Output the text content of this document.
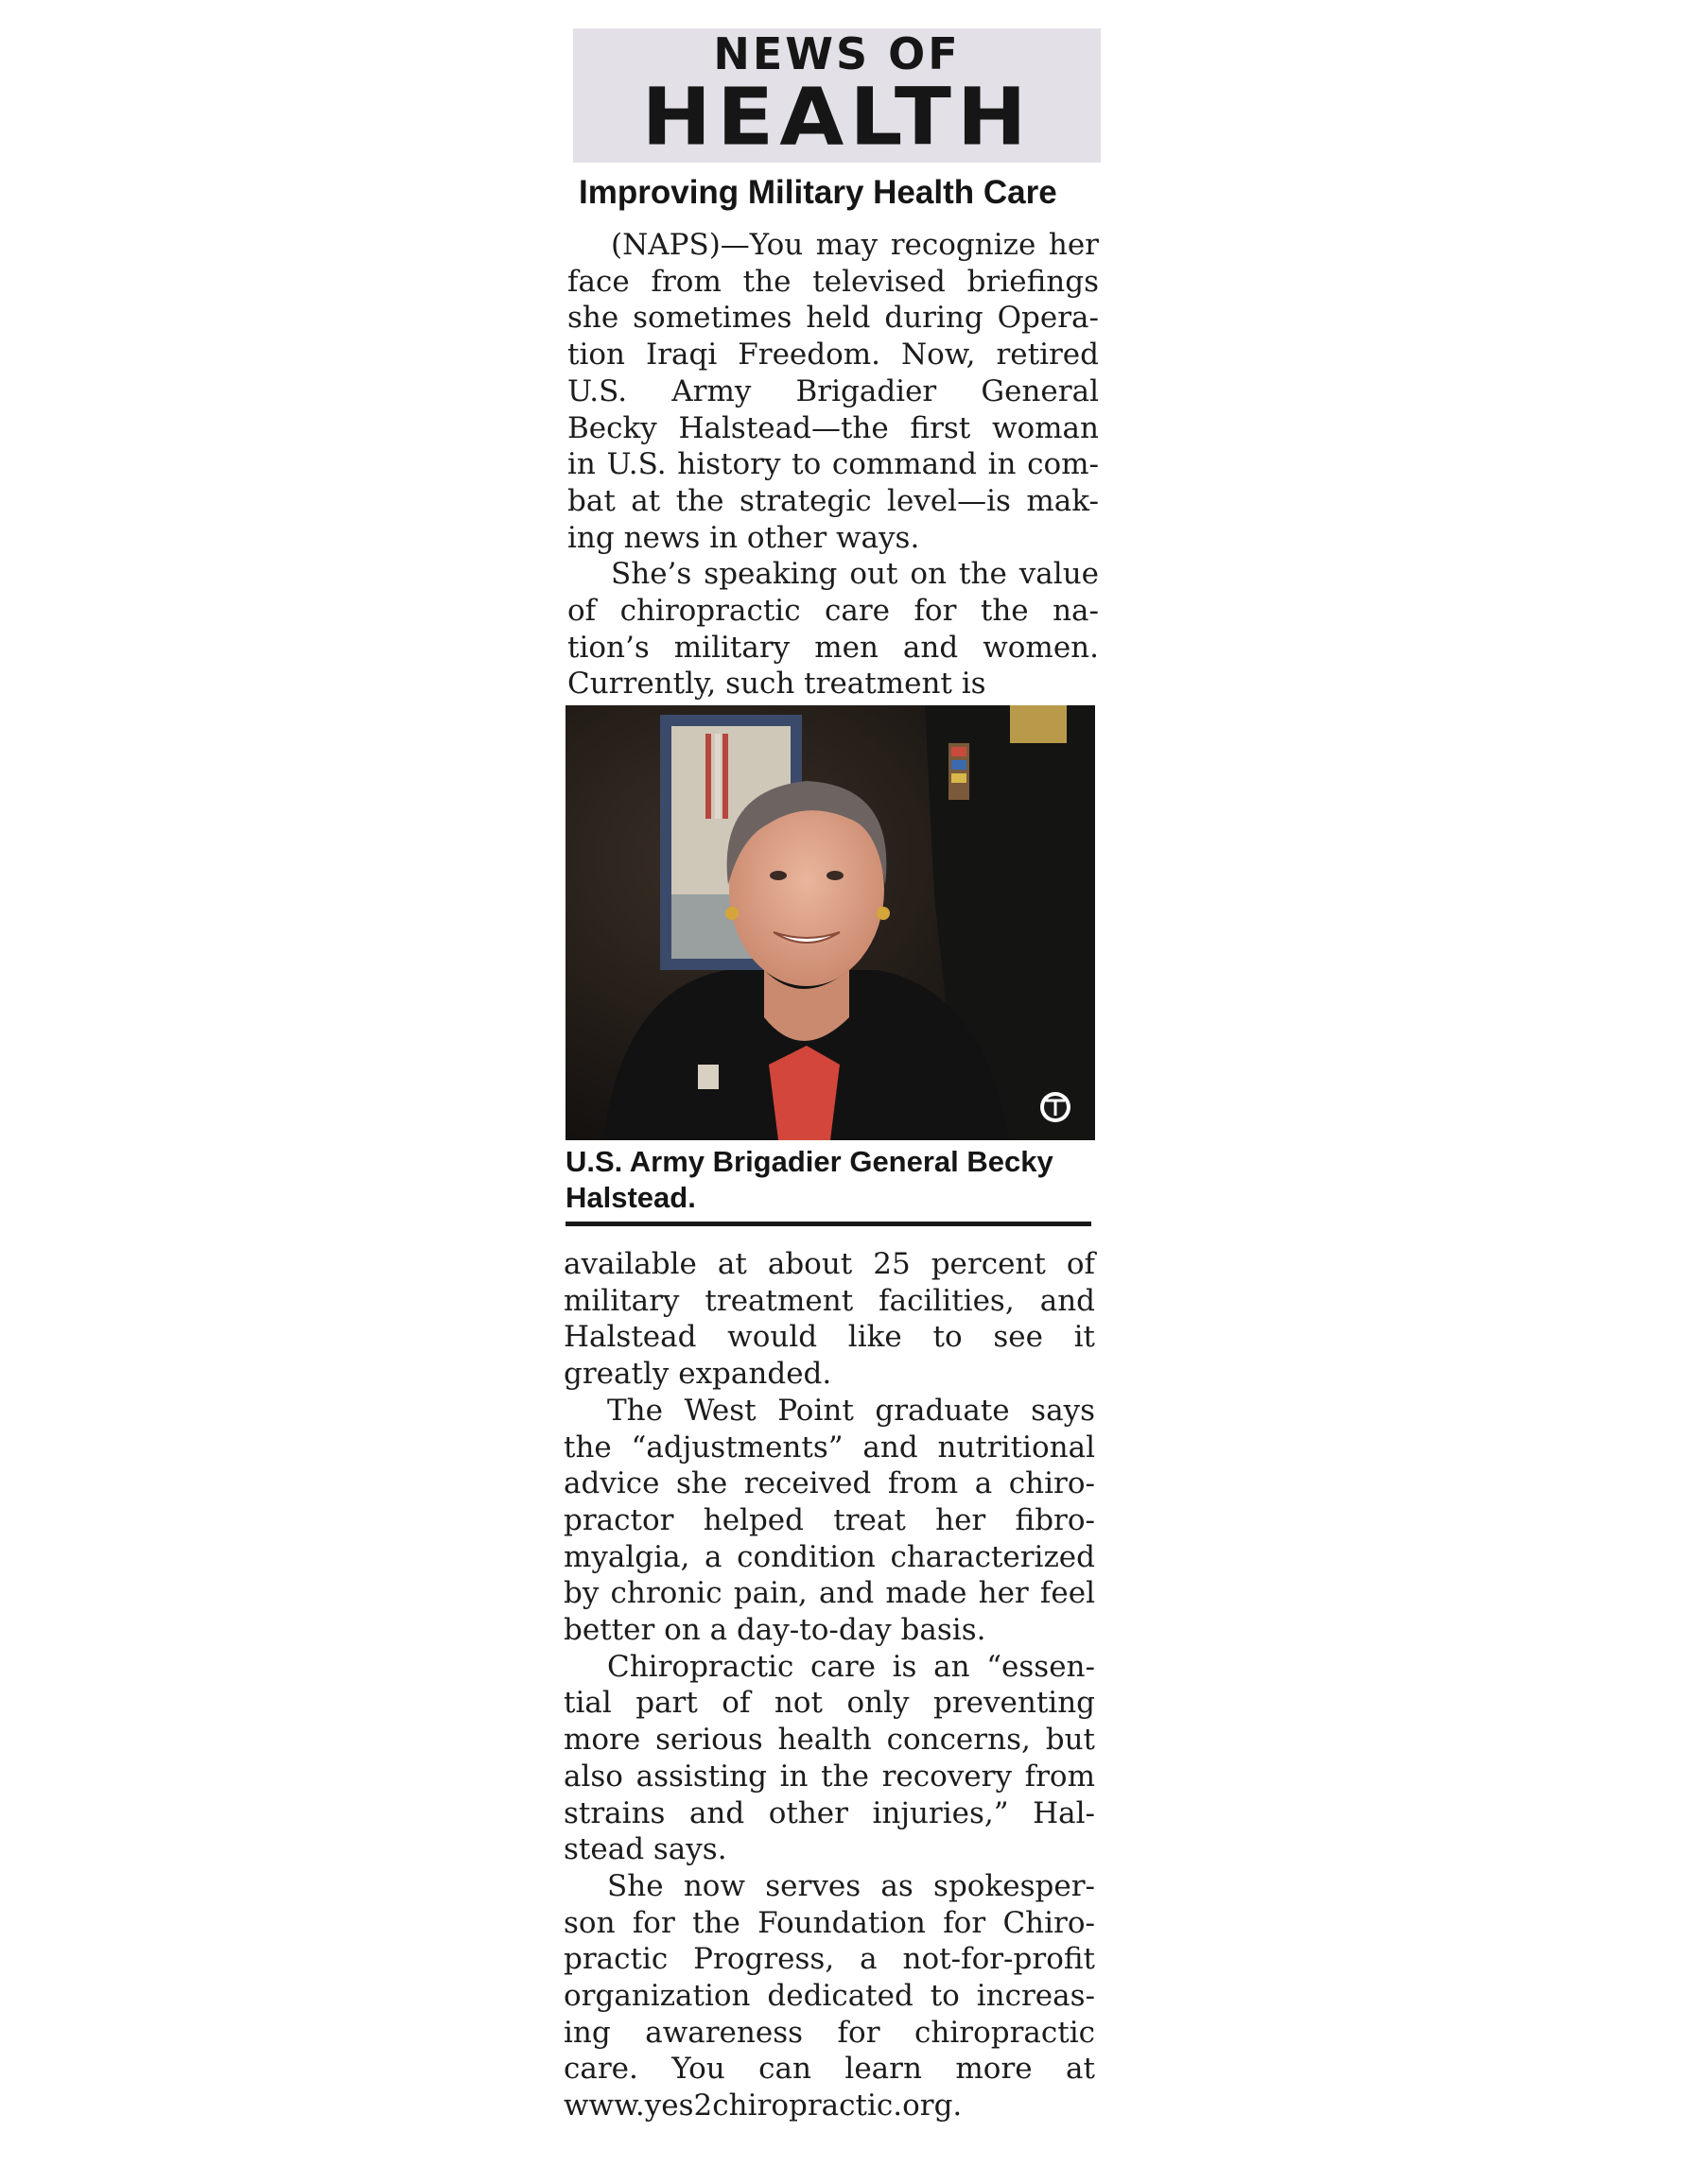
NEWS OF
HEALTH
Improving Military Health Care
(NAPS)—You may recognize her
face from the televised briefings
she sometimes held during Opera-
tion Iraqi Freedom. Now, retired
U.S. Army Brigadier General
Becky Halstead—the first woman
in U.S. history to command in com-
bat at the strategic level—is mak-
ing news in other ways.
She’s speaking out on the value
of chiropractic care for the na-
tion’s military men and women.
Currently, such treatment is
U.S. Army Brigadier General Becky Halstead.
available at about 25 percent of
military treatment facilities, and
Halstead would like to see it
greatly expanded.
The West Point graduate says
the “adjustments” and nutritional
advice she received from a chiro-
practor helped treat her fibro-
myalgia, a condition characterized
by chronic pain, and made her feel
better on a day-to-day basis.
Chiropractic care is an “essen-
tial part of not only preventing
more serious health concerns, but
also assisting in the recovery from
strains and other injuries,” Hal-
stead says.
She now serves as spokesper-
son for the Foundation for Chiro-
practic Progress, a not-for-profit
organization dedicated to increas-
ing awareness for chiropractic
care. You can learn more at
www.yes2chiropractic.org.
